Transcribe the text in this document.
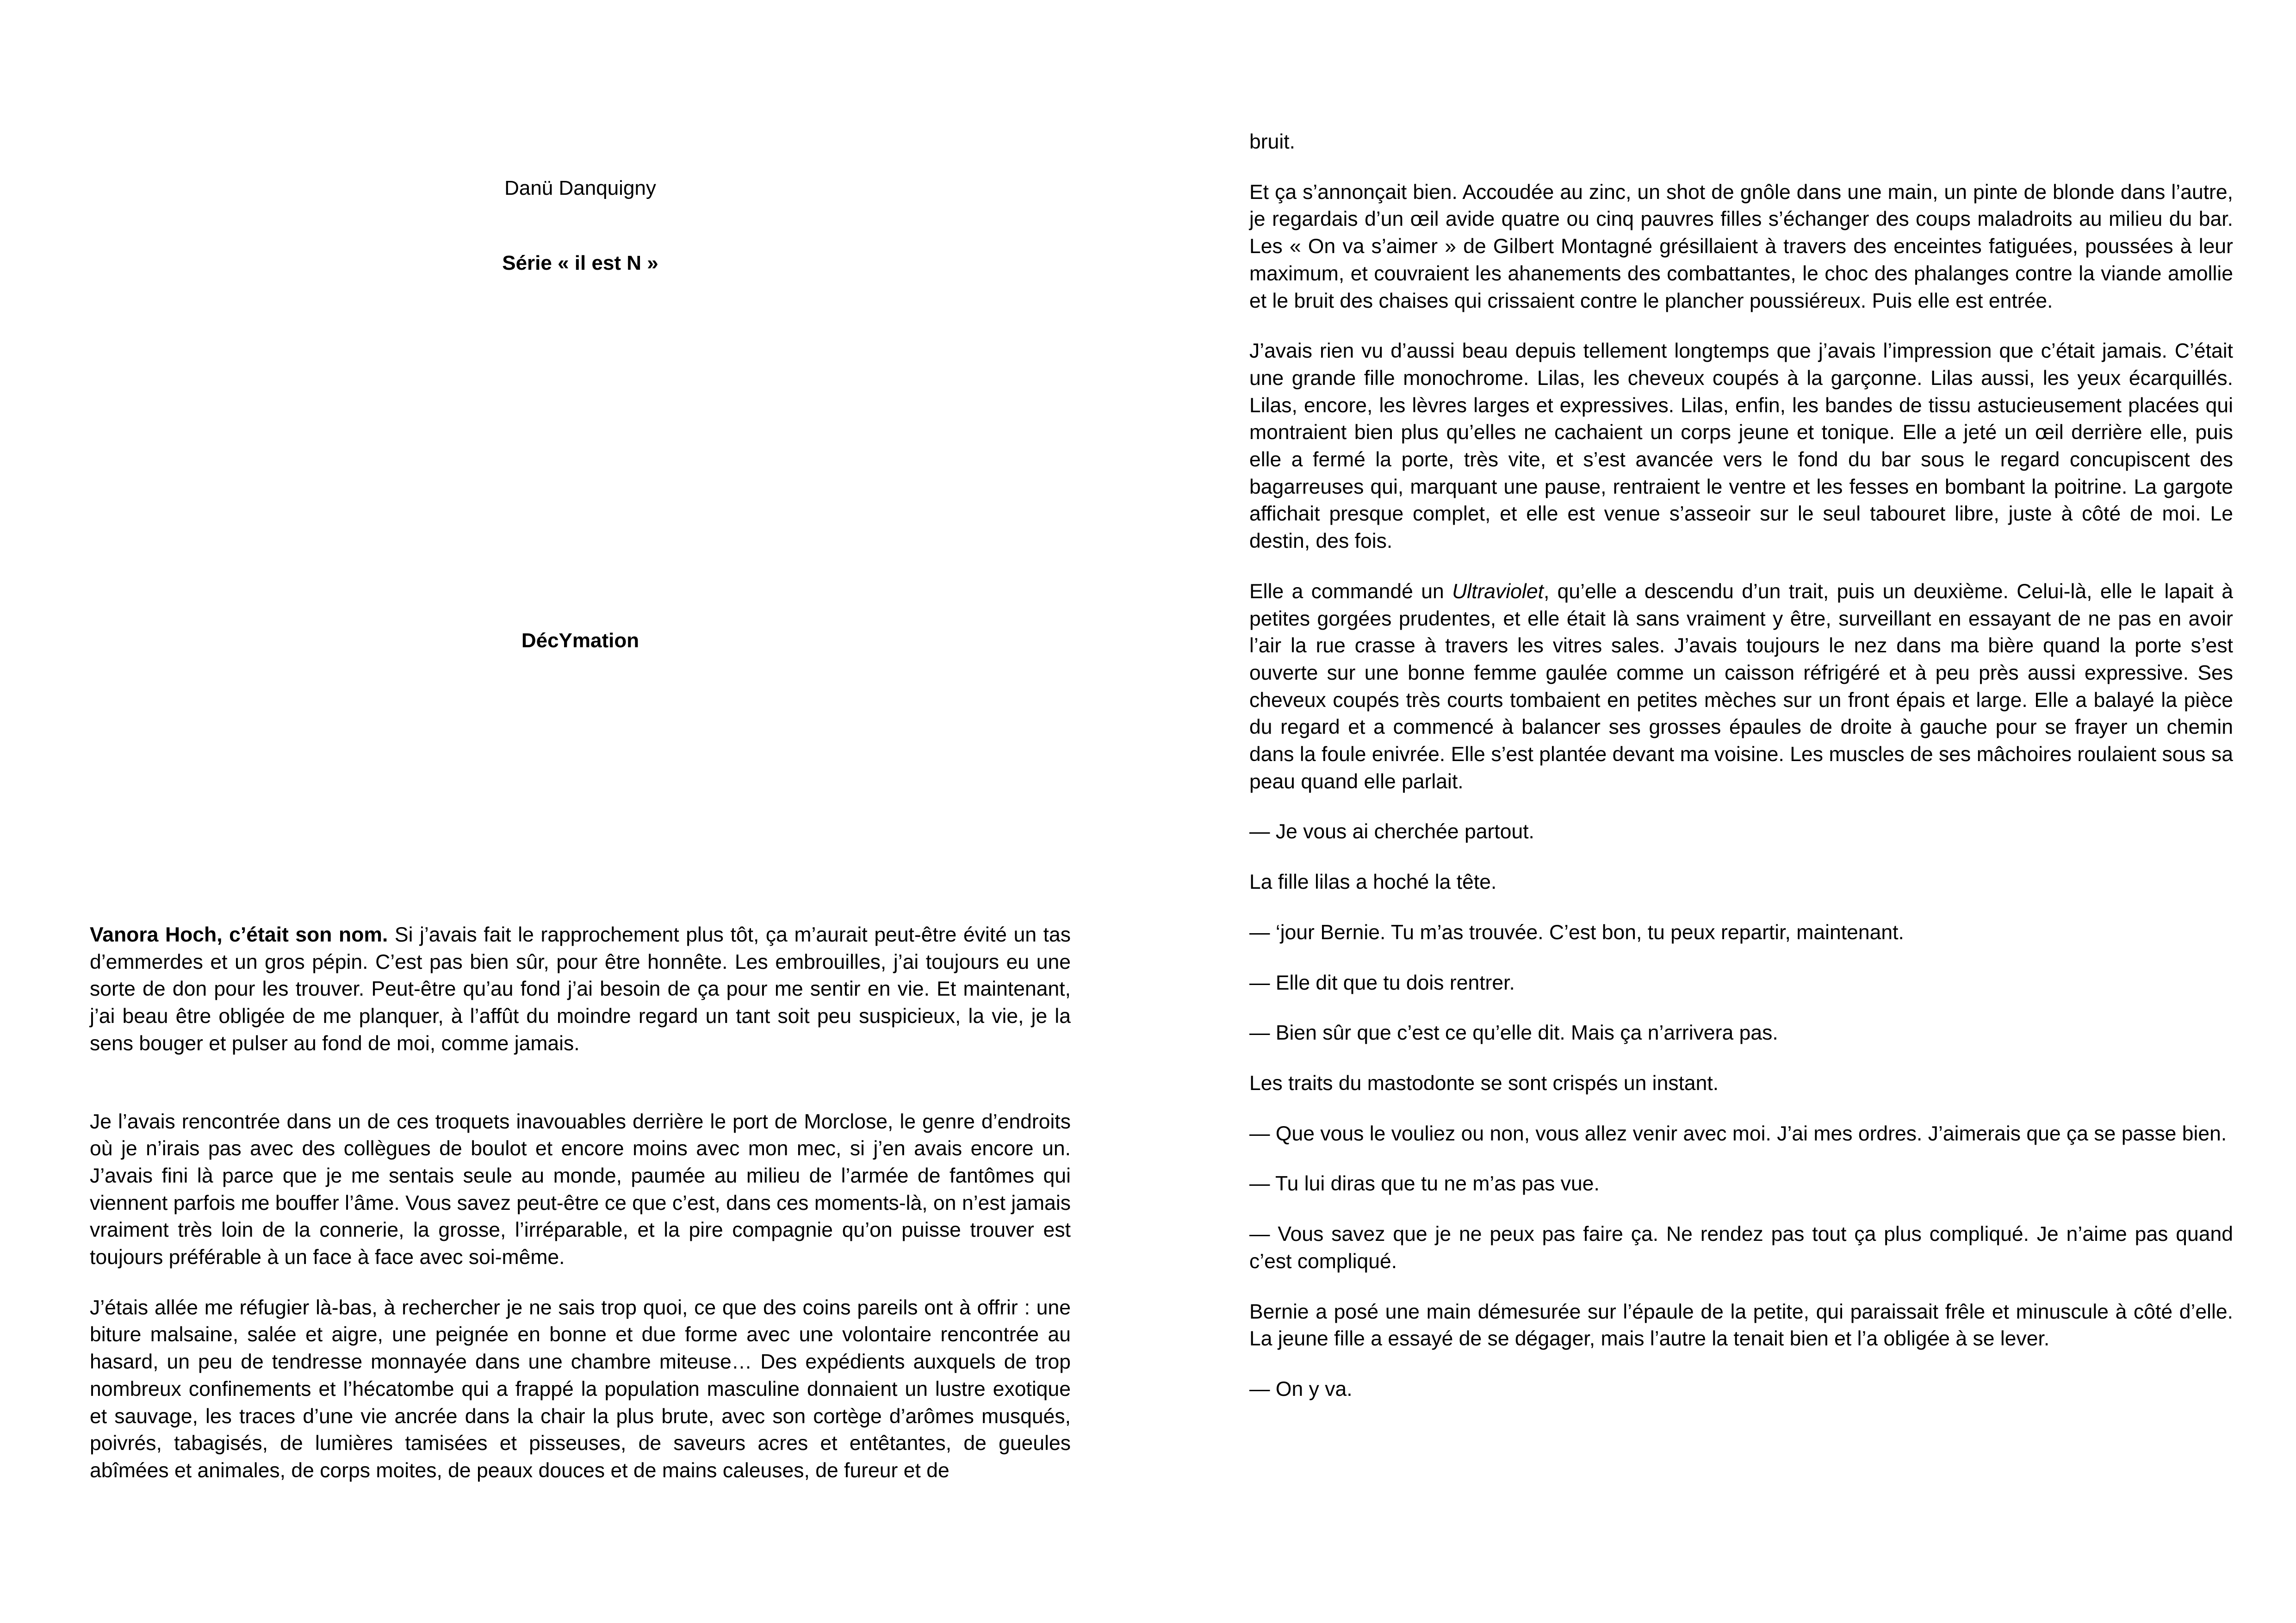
Danü Danquigny

Série « il est N »

DécYmation

Vanora Hoch, c’était son nom. Si j’avais fait le rapprochement plus tôt, ça m’aurait peut-être évité un tas d’emmerdes et un gros pépin. C’est pas bien sûr, pour être honnête. Les embrouilles, j’ai toujours eu une sorte de don pour les trouver. Peut-être qu’au fond j’ai besoin de ça pour me sentir en vie. Et maintenant, j’ai beau être obligée de me planquer, à l’affût du moindre regard un tant soit peu suspicieux, la vie, je la sens bouger et pulser au fond de moi, comme jamais.

Je l’avais rencontrée dans un de ces troquets inavouables derrière le port de Morclose, le genre d’endroits où je n’irais pas avec des collègues de boulot et encore moins avec mon mec, si j’en avais encore un. J’avais fini là parce que je me sentais seule au monde, paumée au milieu de l’armée de fantômes qui viennent parfois me bouffer l’âme. Vous savez peut-être ce que c’est, dans ces moments-là, on n’est jamais vraiment très loin de la connerie, la grosse, l’irréparable, et la pire compagnie qu’on puisse trouver est toujours préférable à un face à face avec soi-même.

J’étais allée me réfugier là-bas, à rechercher je ne sais trop quoi, ce que des coins pareils ont à offrir : une biture malsaine, salée et aigre, une peignée en bonne et due forme avec une volontaire rencontrée au hasard, un peu de tendresse monnayée dans une chambre miteuse… Des expédients auxquels de trop nombreux confinements et l’hécatombe qui a frappé la population masculine donnaient un lustre exotique et sauvage, les traces d’une vie ancrée dans la chair la plus brute, avec son cortège d’arômes musqués, poivrés, tabagisés, de lumières tamisées et pisseuses, de saveurs acres et entêtantes, de gueules abîmées et animales, de corps moites, de peaux douces et de mains caleuses, de fureur et de

bruit.

Et ça s’annonçait bien. Accoudée au zinc, un shot de gnôle dans une main, un pinte de blonde dans l’autre, je regardais d’un œil avide quatre ou cinq pauvres filles s’échanger des coups maladroits au milieu du bar. Les « On va s’aimer » de Gilbert Montagné grésillaient à travers des enceintes fatiguées, poussées à leur maximum, et couvraient les ahanements des combattantes, le choc des phalanges contre la viande amollie et le bruit des chaises qui crissaient contre le plancher poussiéreux. Puis elle est entrée.

J’avais rien vu d’aussi beau depuis tellement longtemps que j’avais l’impression que c’était jamais. C’était une grande fille monochrome. Lilas, les cheveux coupés à la garçonne. Lilas aussi, les yeux écarquillés. Lilas, encore, les lèvres larges et expressives. Lilas, enfin, les bandes de tissu astucieusement placées qui montraient bien plus qu’elles ne cachaient un corps jeune et tonique. Elle a jeté un œil derrière elle, puis elle a fermé la porte, très vite, et s’est avancée vers le fond du bar sous le regard concupiscent des bagarreuses qui, marquant une pause, rentraient le ventre et les fesses en bombant la poitrine. La gargote affichait presque complet, et elle est venue s’asseoir sur le seul tabouret libre, juste à côté de moi. Le destin, des fois.

Elle a commandé un Ultraviolet, qu’elle a descendu d’un trait, puis un deuxième. Celui-là, elle le lapait à petites gorgées prudentes, et elle était là sans vraiment y être, surveillant en essayant de ne pas en avoir l’air la rue crasse à travers les vitres sales. J’avais toujours le nez dans ma bière quand la porte s’est ouverte sur une bonne femme gaulée comme un caisson réfrigéré et à peu près aussi expressive. Ses cheveux coupés très courts tombaient en petites mèches sur un front épais et large. Elle a balayé la pièce du regard et a commencé à balancer ses grosses épaules de droite à gauche pour se frayer un chemin dans la foule enivrée. Elle s’est plantée devant ma voisine. Les muscles de ses mâchoires roulaient sous sa peau quand elle parlait.

— Je vous ai cherchée partout.

La fille lilas a hoché la tête.

— ‘jour Bernie. Tu m’as trouvée. C’est bon, tu peux repartir, maintenant.

— Elle dit que tu dois rentrer.

— Bien sûr que c’est ce qu’elle dit. Mais ça n’arrivera pas.

Les traits du mastodonte se sont crispés un instant.

— Que vous le vouliez ou non, vous allez venir avec moi. J’ai mes ordres. J’aimerais que ça se passe bien.

— Tu lui diras que tu ne m’as pas vue.

— Vous savez que je ne peux pas faire ça. Ne rendez pas tout ça plus compliqué. Je n’aime pas quand c’est compliqué.

Bernie a posé une main démesurée sur l’épaule de la petite, qui paraissait frêle et minuscule à côté d’elle. La jeune fille a essayé de se dégager, mais l’autre la tenait bien et l’a obligée à se lever.

— On y va.
